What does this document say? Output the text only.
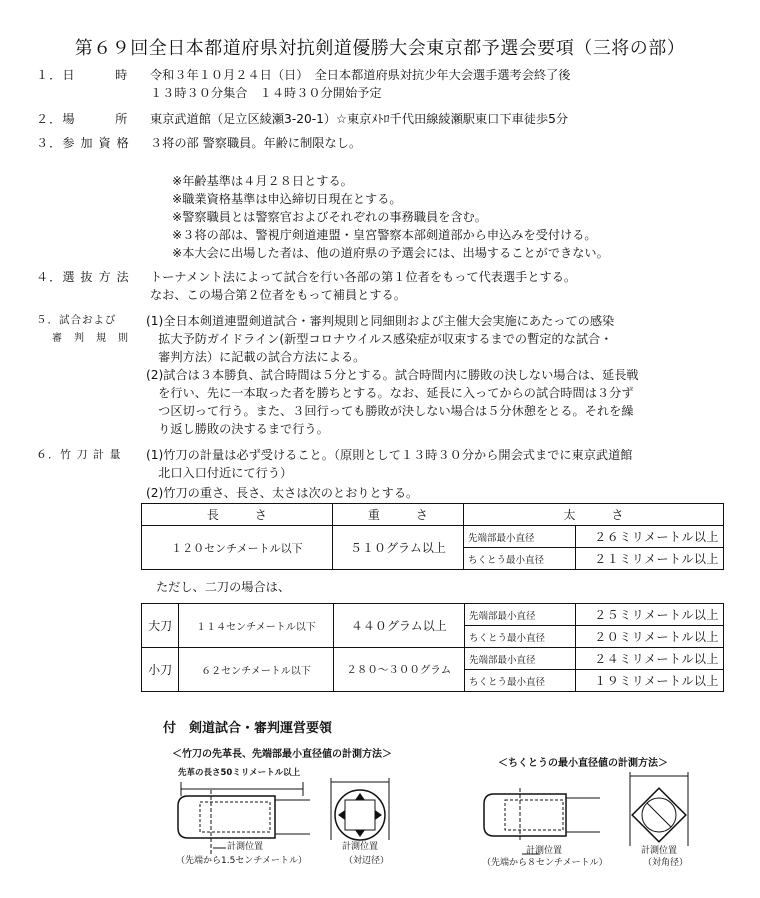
第６９回全日本都道府県対抗剣道優勝大会東京都予選会要項（三将の部）
１．日　　　時 令和３年１０月２４日（日）　全日本都道府県対抗少年大会選手選考会終了後
１３時３０分集合　１４時３０分開始予定
２．場　　　所 東京武道館（足立区綾瀬3-20-1）☆東京ﾒﾄﾛ千代田線綾瀬駅東口下車徒歩5分
３．参 加 資 格 ３将の部 警察職員。年齢に制限なし。
※年齢基準は４月２８日とする。
※職業資格基準は申込締切日現在とする。
※警察職員とは警察官およびそれぞれの事務職員を含む。
※３将の部は、警視庁剣道連盟・皇宮警察本部剣道部から申込みを受付ける。
※本大会に出場した者は、他の道府県の予選会には、出場することができない。
４．選 抜 方 法 トーナメント法によって試合を行い各部の第１位者をもって代表選手とする。
なお、この場合第２位者をもって補員とする。
５．試合および
審　判　規　則
(1)全日本剣道連盟剣道試合・審判規則と同細則および主催大会実施にあたっての感染
　拡大予防ガイドライン(新型コロナウイルス感染症が収束するまでの暫定的な試合・
　審判方法）に記載の試合方法による。
(2)試合は３本勝負、試合時間は５分とする。試合時間内に勝敗の決しない場合は、延長戦
　を行い、先に一本取った者を勝ちとする。なお、延長に入ってからの試合時間は３分ず
　つ区切って行う。また、３回行っても勝敗が決しない場合は５分休憩をとる。それを繰
　り返し勝敗の決するまで行う。
６．竹 刀 計 量 (1)竹刀の計量は必ず受けること。（原則として１３時３０分から開会式までに東京武道館
　北口入口付近にて行う）
(2)竹刀の重さ、長さ、太さは次のとおりとする。
長　　　さ	重　　　さ	太　　　さ	
１２０センチメートル以下	５１０グラム以上	先端部最小直径	２６ミリメートル以上
		ちくとう最小直径	２１ミリメートル以上
ただし、二刀の場合は、
大刀	１１４センチメートル以下	４４０グラム以上	先端部最小直径	２５ミリメートル以上
			ちくとう最小直径	２０ミリメートル以上
小刀	６２センチメートル以下	２８０～３００グラム	先端部最小直径	２４ミリメートル以上
			ちくとう最小直径	１９ミリメートル以上
付　剣道試合・審判運営要領
＜竹刀の先革長、先端部最小直径値の計測方法＞
＜ちくとうの最小直径値の計測方法＞
先革の長さ50ミリメートル以上
計測位置
（先端から1.5センチメートル）
計測位置
（対辺径）
計測位置
（先端から８センチメートル）
計測位置
（対角径）
